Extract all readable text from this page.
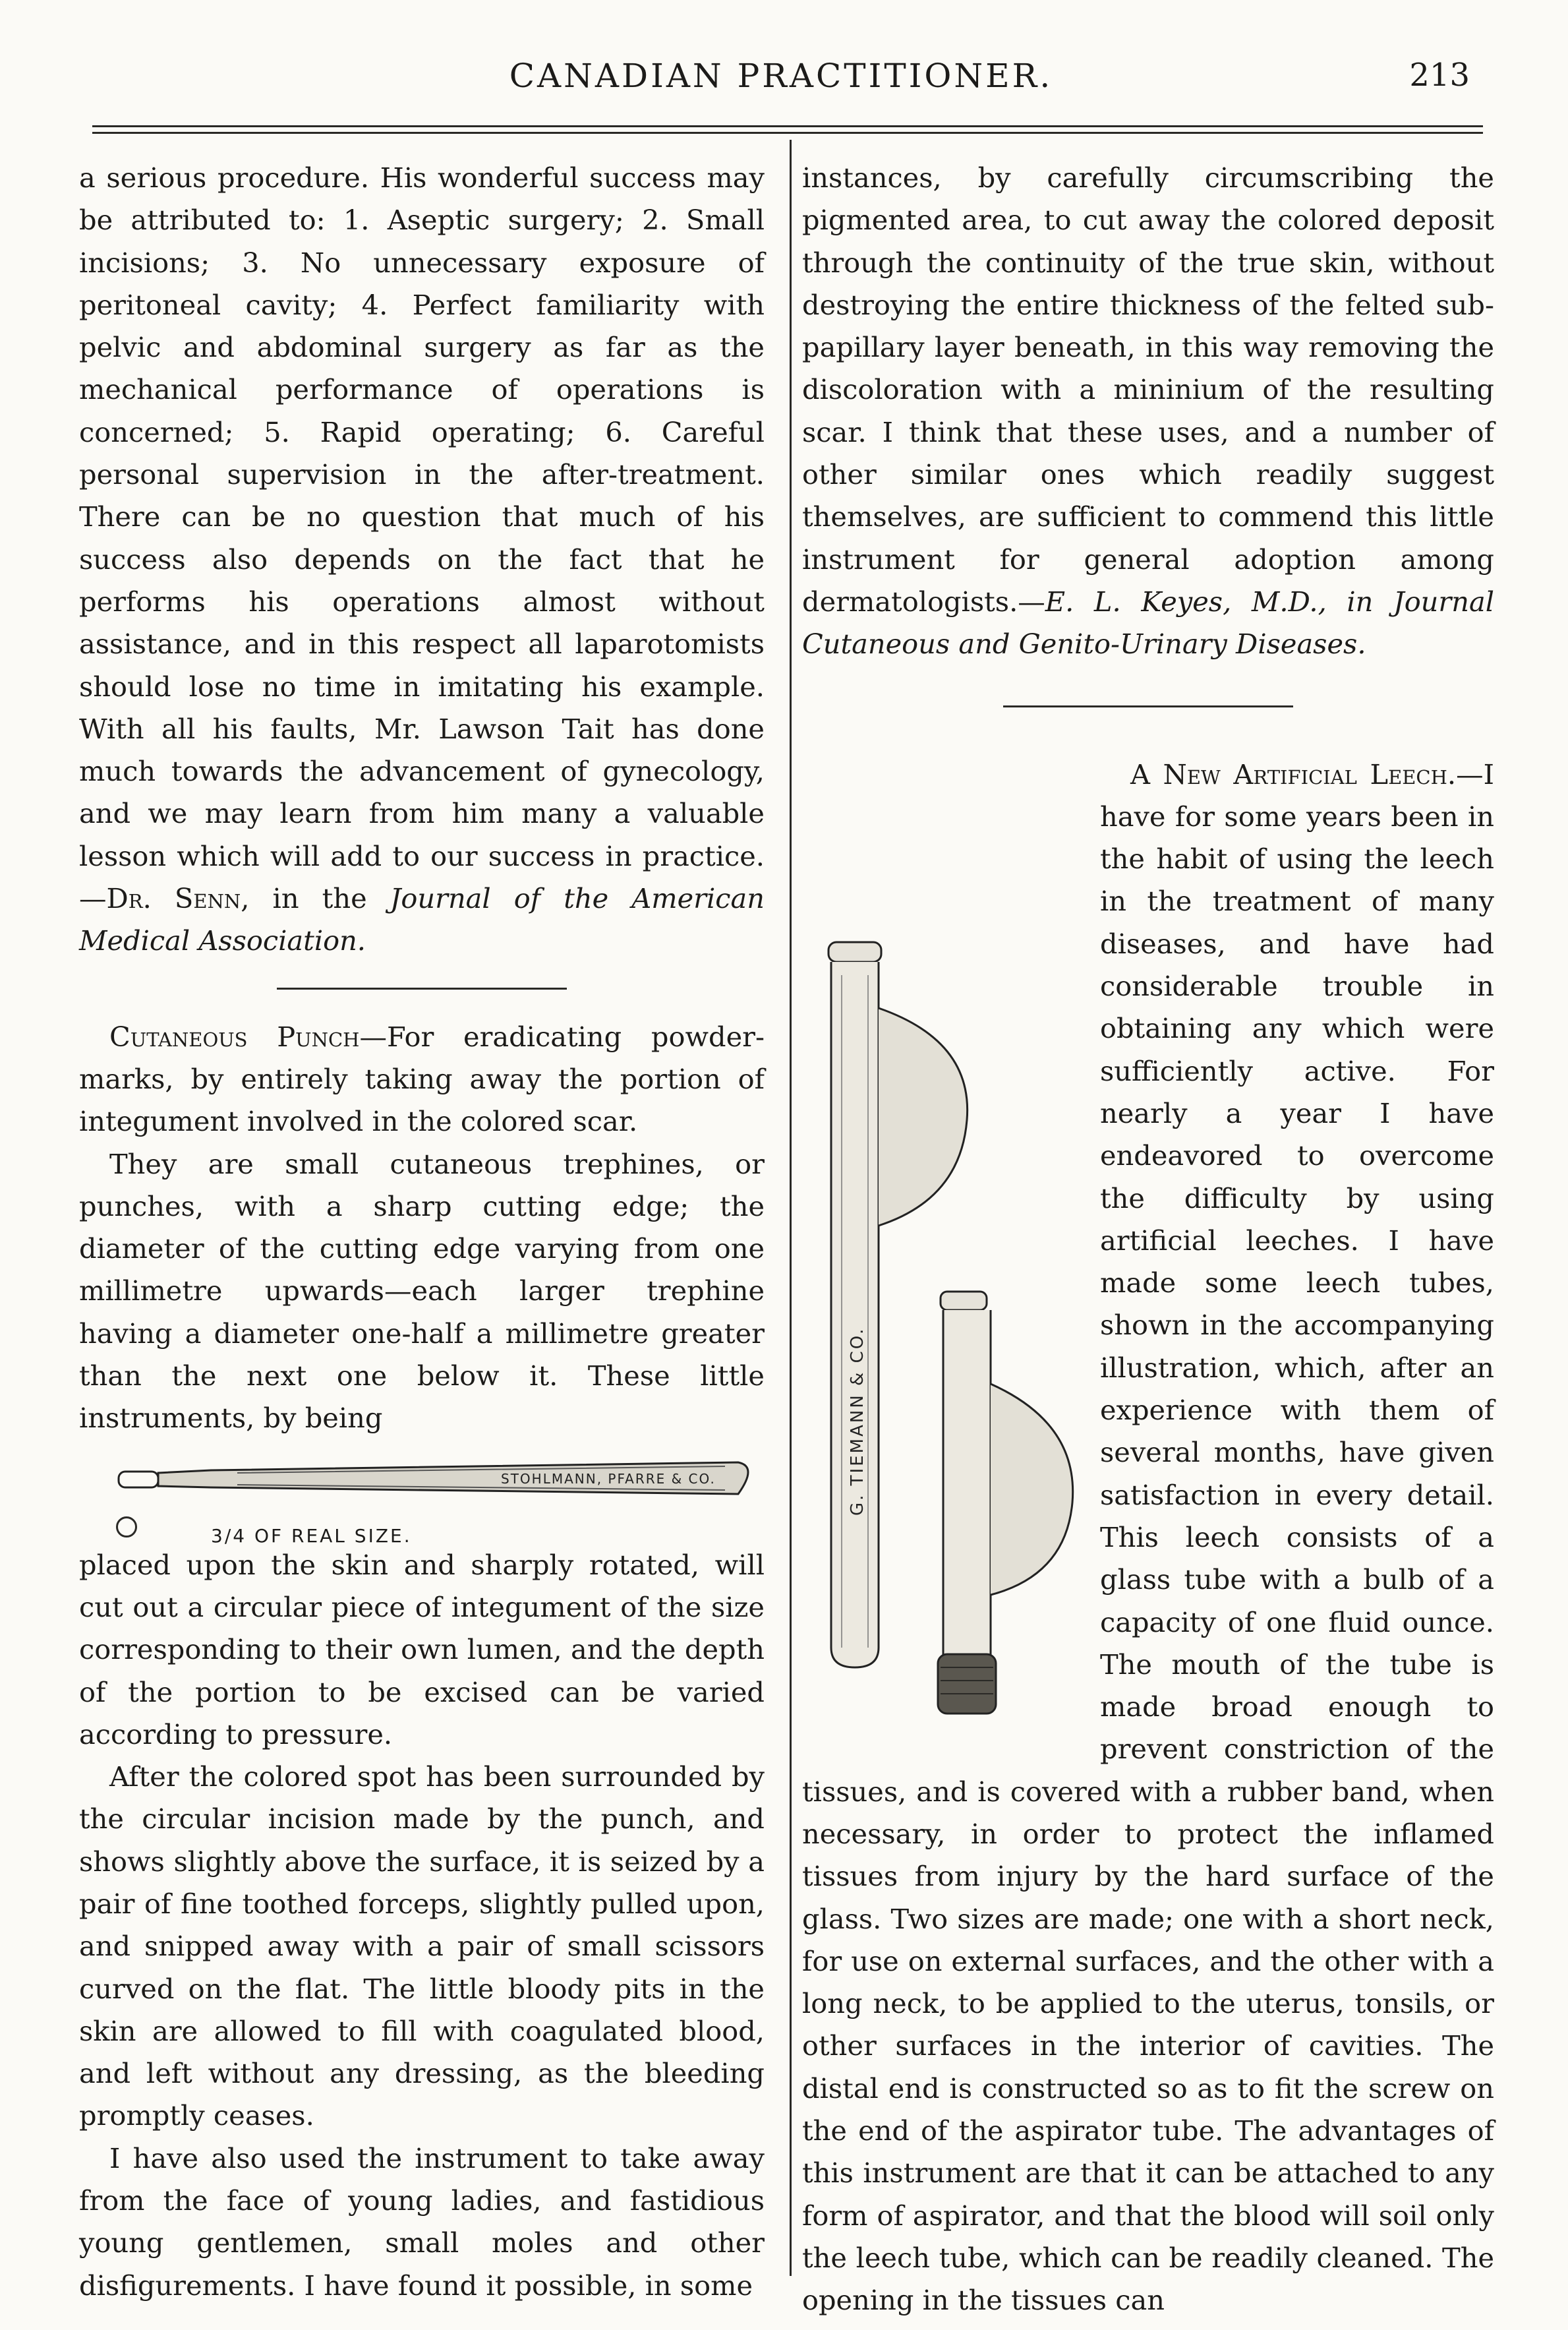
CANADIAN PRACTITIONER.	213

a serious procedure. His wonderful success may be attributed to: 1. Aseptic surgery; 2. Small incisions; 3. No unnecessary exposure of peritoneal cavity; 4. Perfect familiarity with pelvic and abdominal surgery as far as the mechanical performance of operations is concerned; 5. Rapid operating; 6. Careful personal supervision in the after-treatment. There can be no question that much of his success also depends on the fact that he performs his operations almost without assistance, and in this respect all laparotomists should lose no time in imitating his example. With all his faults, Mr. Lawson Tait has done much towards the advancement of gynecology, and we may learn from him many a valuable lesson which will add to our success in practice.—Dr. Senn, in the Journal of the American Medical Association.

Cutaneous Punch—For eradicating powder-marks, by entirely taking away the portion of integument involved in the colored scar.

They are small cutaneous trephines, or punches, with a sharp cutting edge; the diameter of the cutting edge varying from one millimetre upwards—each larger trephine having a diameter one-half a millimetre greater than the next one below it. These little instruments, by being

STOHLMANN, PFARRE & CO.
3/4 OF REAL SIZE.

placed upon the skin and sharply rotated, will cut out a circular piece of integument of the size corresponding to their own lumen, and the depth of the portion to be excised can be varied according to pressure.

After the colored spot has been surrounded by the circular incision made by the punch, and shows slightly above the surface, it is seized by a pair of fine toothed forceps, slightly pulled upon, and snipped away with a pair of small scissors curved on the flat. The little bloody pits in the skin are allowed to fill with coagulated blood, and left without any dressing, as the bleeding promptly ceases.

I have also used the instrument to take away from the face of young ladies, and fastidious young gentlemen, small moles and other disfigurements. I have found it possible, in some

instances, by carefully circumscribing the pigmented area, to cut away the colored deposit through the continuity of the true skin, without destroying the entire thickness of the felted sub-papillary layer beneath, in this way removing the discoloration with a mininium of the resulting scar. I think that these uses, and a number of other similar ones which readily suggest themselves, are sufficient to commend this little instrument for general adoption among dermatologists.—E. L. Keyes, M.D., in Journal Cutaneous and Genito-Urinary Diseases.

G. TIEMANN & CO.

A New Artificial Leech.—I have for some years been in the habit of using the leech in the treatment of many diseases, and have had considerable trouble in obtaining any which were sufficiently active. For nearly a year I have endeavored to overcome the difficulty by using artificial leeches. I have made some leech tubes, shown in the accompanying illustration, which, after an experience with them of several months, have given satisfaction in every detail. This leech consists of a glass tube with a bulb of a capacity of one fluid ounce. The mouth of the tube is made broad enough to prevent constriction of the tissues, and is covered with a rubber band, when necessary, in order to protect the inflamed tissues from injury by the hard surface of the glass. Two sizes are made; one with a short neck, for use on external surfaces, and the other with a long neck, to be applied to the uterus, tonsils, or other surfaces in the interior of cavities. The distal end is constructed so as to fit the screw on the end of the aspirator tube. The advantages of this instrument are that it can be attached to any form of aspirator, and that the blood will soil only the leech tube, which can be readily cleaned. The opening in the tissues can
